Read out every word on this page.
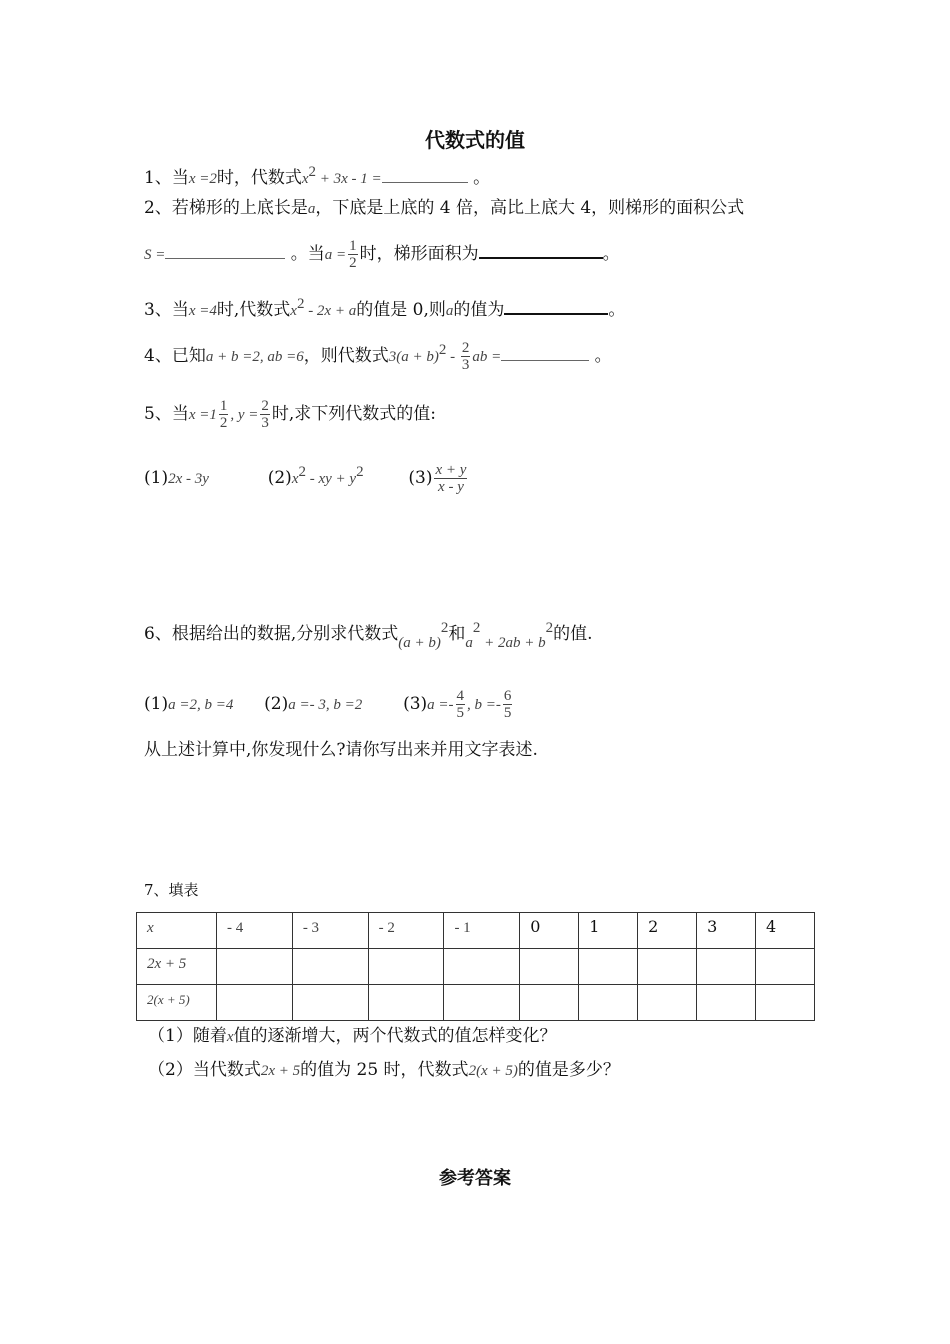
代数式的值
1、当x =2时，代数式$x^2 + 3x - 1$ =	。
2、若梯形的上底长是a，下底是上底的 4 倍，高比上底大 4，则梯形的面积公式
S =	。当$a = \frac{1}{2}$ 时，梯形面积为	。
3、当x =4时,代数式$x^2 - 2x + a$的值是 0,则a的值为	。
4、已知a + b =2, ab =6，则代数式$3(a + b)^2 - \frac{2}{3}$ ab =	。
5、当$x =1 \frac{1}{2}$ , $y = \frac{2}{3}$ 时,求下列代数式的值:
(1)2x - 3y	$(2)x^2$ - xy + $y^2$	$(3) \frac{x + y}{x - y}$
6、根据给出的数据,分别求代数式$(a + b)^2$和$a^2 + 2ab + b^2$的值.
(1)a =2, b =4 (2)a =- 3, b =2 $(3)a =- \frac{4}{5}$ , $b =- \frac{6}{5}$
从上述计算中,你发现什么?请你写出来并用文字表述.
7、填表
x	- 4	- 3	- 2	- 1	0	1	2	3	4
2x + 5									
2(x + 5)									
（1）随着x值的逐渐增大，两个代数式的值怎样变化？
（2）当代数式2x + 5的值为 25 时，代数式2(x + 5)的值是多少？
参考答案
